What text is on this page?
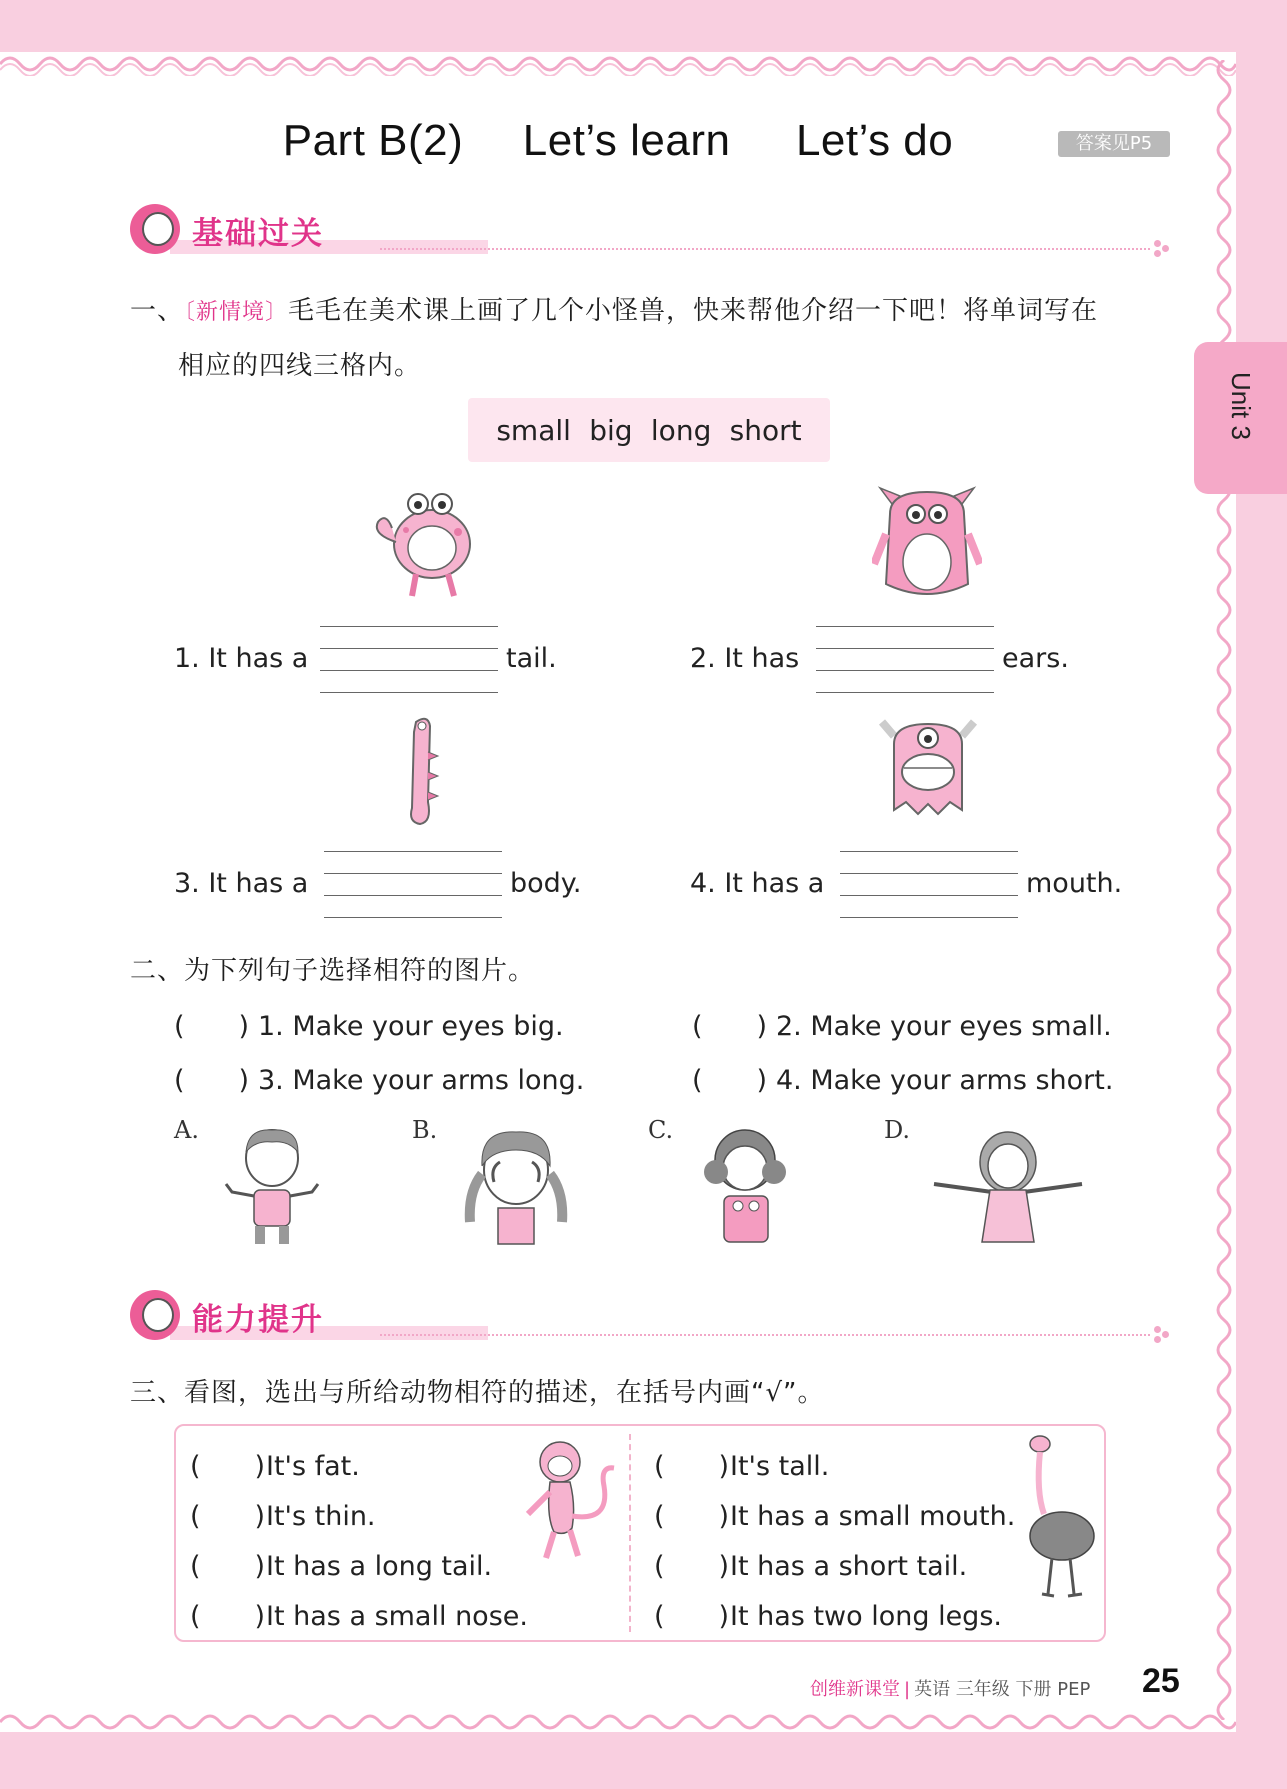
Part B(2) Let’s learn Let’s do	答案见P5
Unit 3
基础过关
一、〔新情境〕毛毛在美术课上画了几个小怪兽，快来帮他介绍一下吧！将单词写在
相应的四线三格内。
small big long short
1. It has a	tail.	2. It has	ears.
3. It has a	body.	4. It has a	mouth.
二、为下列句子选择相符的图片。
(　　) 1. Make your eyes big.	(　　) 2. Make your eyes small.
(　　) 3. Make your arms long.	(　　) 4. Make your arms short.
A.	B.	C.	D.
能力提升
三、看图，选出与所给动物相符的描述，在括号内画“√”。
(　　)It's fat.
(　　)It's thin.
(　　)It has a long tail.
(　　)It has a small nose.
(　　)It's tall.
(　　)It has a small mouth.
(　　)It has a short tail.
(　　)It has two long legs.
创维新课堂 | 英语 三年级 下册 PEP 25
